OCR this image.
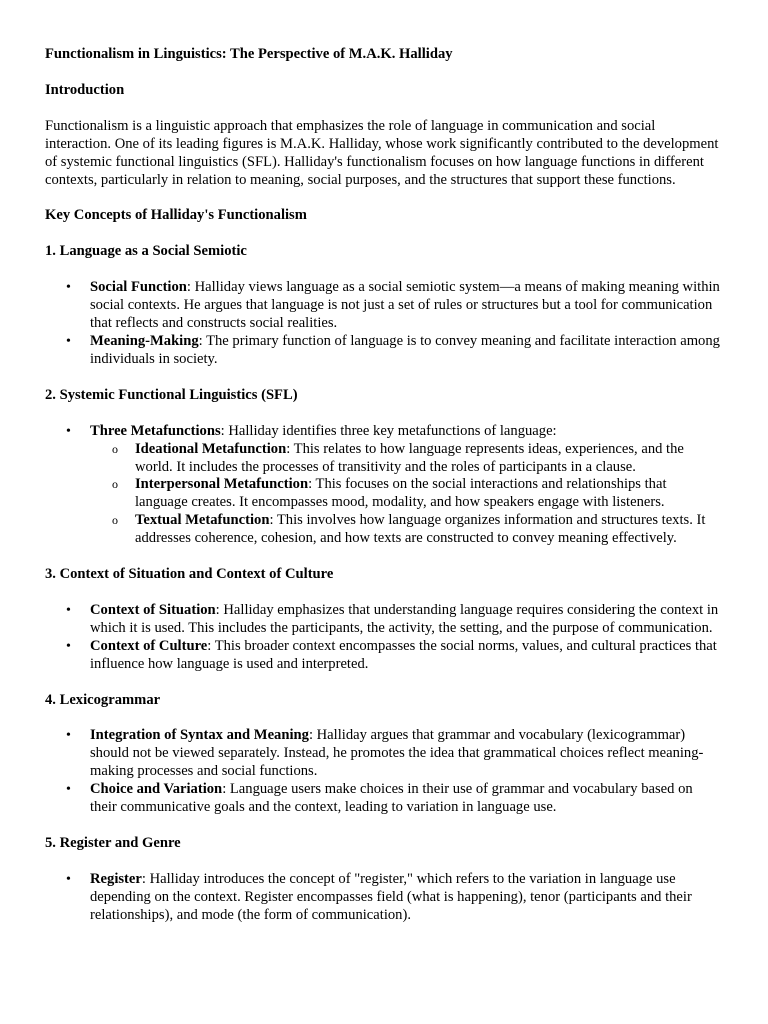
Functionalism in Linguistics: The Perspective of M.A.K. Halliday

Introduction

Functionalism is a linguistic approach that emphasizes the role of language in communication and social interaction. One of its leading figures is M.A.K. Halliday, whose work significantly contributed to the development of systemic functional linguistics (SFL). Halliday's functionalism focuses on how language functions in different contexts, particularly in relation to meaning, social purposes, and the structures that support these functions.

Key Concepts of Halliday's Functionalism

1. Language as a Social Semiotic

• Social Function: Halliday views language as a social semiotic system—a means of making meaning within social contexts. He argues that language is not just a set of rules or structures but a tool for communication that reflects and constructs social realities.
• Meaning-Making: The primary function of language is to convey meaning and facilitate interaction among individuals in society.

2. Systemic Functional Linguistics (SFL)

• Three Metafunctions: Halliday identifies three key metafunctions of language:
o Ideational Metafunction: This relates to how language represents ideas, experiences, and the world. It includes the processes of transitivity and the roles of participants in a clause.
o Interpersonal Metafunction: This focuses on the social interactions and relationships that language creates. It encompasses mood, modality, and how speakers engage with listeners.
o Textual Metafunction: This involves how language organizes information and structures texts. It addresses coherence, cohesion, and how texts are constructed to convey meaning effectively.

3. Context of Situation and Context of Culture

• Context of Situation: Halliday emphasizes that understanding language requires considering the context in which it is used. This includes the participants, the activity, the setting, and the purpose of communication.
• Context of Culture: This broader context encompasses the social norms, values, and cultural practices that influence how language is used and interpreted.

4. Lexicogrammar

• Integration of Syntax and Meaning: Halliday argues that grammar and vocabulary (lexicogrammar) should not be viewed separately. Instead, he promotes the idea that grammatical choices reflect meaning-making processes and social functions.
• Choice and Variation: Language users make choices in their use of grammar and vocabulary based on their communicative goals and the context, leading to variation in language use.

5. Register and Genre

• Register: Halliday introduces the concept of "register," which refers to the variation in language use depending on the context. Register encompasses field (what is happening), tenor (participants and their relationships), and mode (the form of communication).
